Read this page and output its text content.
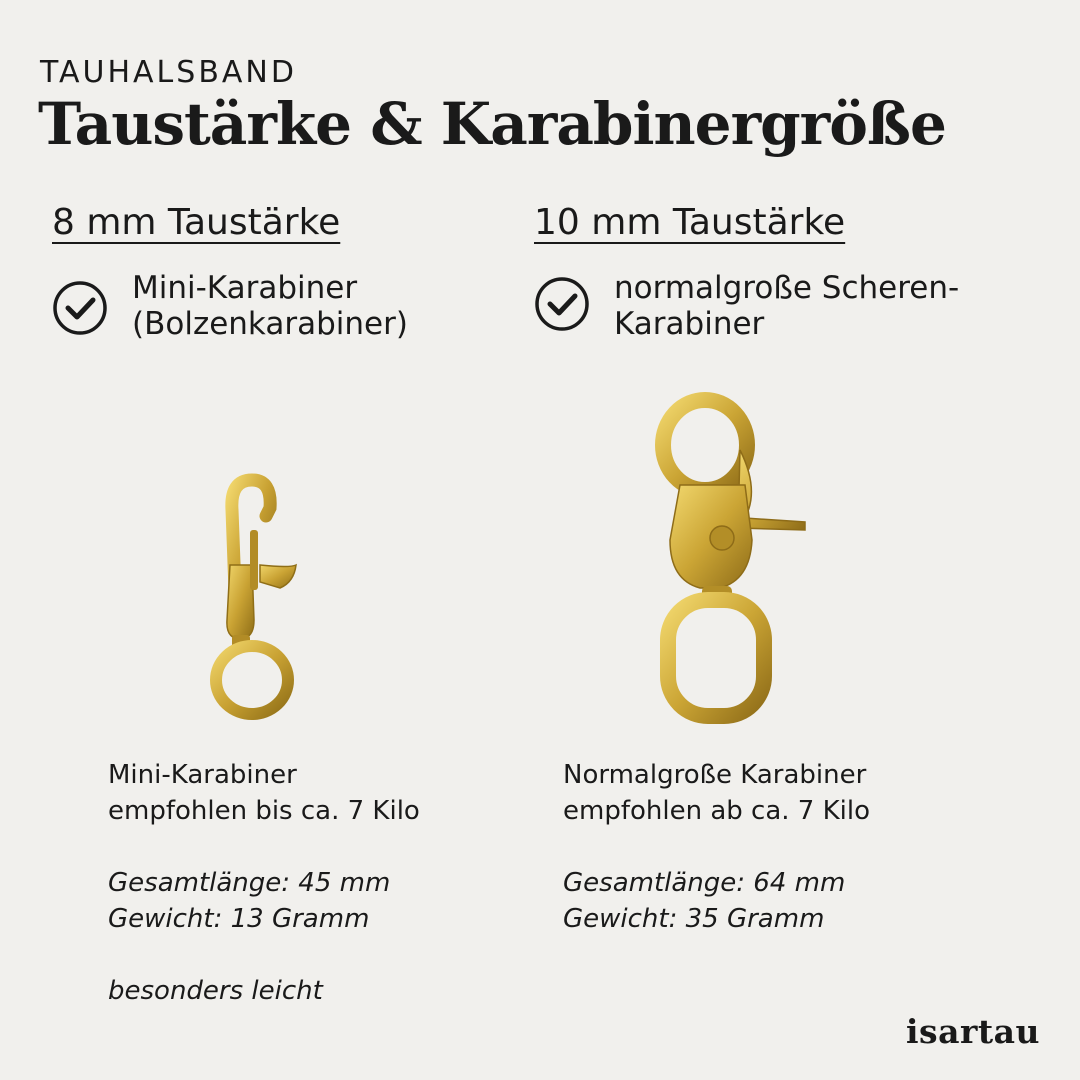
TAUHALSBAND
Taustärke & Karabinergröße
8 mm Taustärke
Mini-Karabiner
(Bolzenkarabiner)
10 mm Taustärke
normalgroße Scheren-
Karabiner
Mini-Karabiner
empfohlen bis ca. 7 Kilo
Gesamtlänge: 45 mm
Gewicht: 13 Gramm
besonders leicht
Normalgroße Karabiner
empfohlen ab ca. 7 Kilo
Gesamtlänge: 64 mm
Gewicht: 35 Gramm
isartau
